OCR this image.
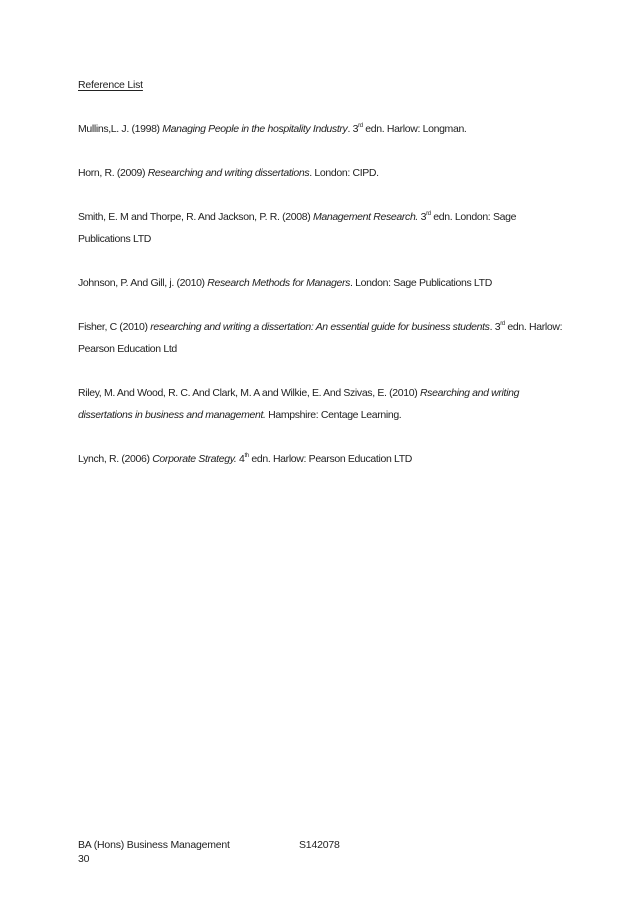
Reference List
Mullins,L. J. (1998) Managing People in the hospitality Industry. 3rd edn. Harlow: Longman.
Horn, R. (2009) Researching and writing dissertations. London: CIPD.
Smith, E. M and Thorpe, R. And Jackson, P. R. (2008) Management Research. 3rd edn. London: Sage Publications LTD
Johnson, P. And Gill, j. (2010) Research Methods for Managers. London: Sage Publications LTD
Fisher, C (2010) researching and writing a dissertation: An essential guide for business students. 3rd edn. Harlow: Pearson Education Ltd
Riley, M. And Wood, R. C. And Clark, M. A and Wilkie, E. And Szivas, E. (2010) Rsearching and writing dissertations in business and management. Hampshire: Centage Learning.
Lynch, R. (2006) Corporate Strategy. 4th edn. Harlow: Pearson Education LTD
BA (Hons) Business Management	S142078
30
